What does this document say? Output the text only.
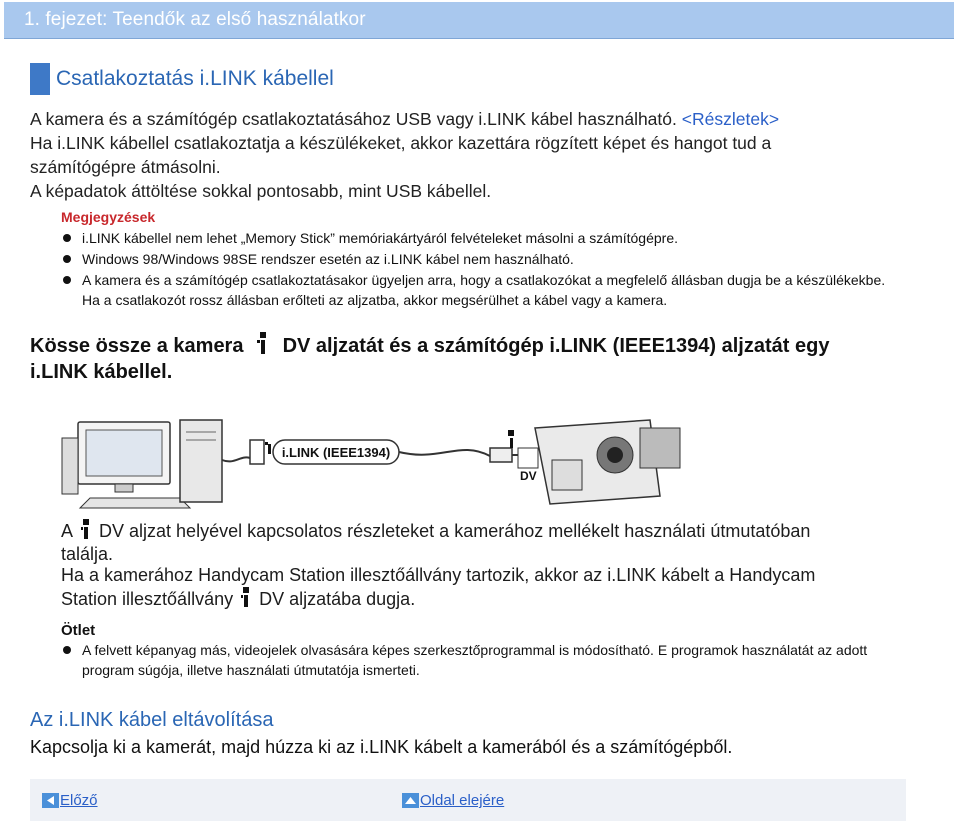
1. fejezet: Teendők az első használatkor
Csatlakoztatás i.LINK kábellel
A kamera és a számítógép csatlakoztatásához USB vagy i.LINK kábel használható. <Részletek>
Ha i.LINK kábellel csatlakoztatja a készülékeket, akkor kazettára rögzített képet és hangot tud a
számítógépre átmásolni.
A képadatok áttöltése sokkal pontosabb, mint USB kábellel.
Megjegyzések
i.LINK kábellel nem lehet „Memory Stick” memóriakártyáról felvételeket másolni a számítógépre.
Windows 98/Windows 98SE rendszer esetén az i.LINK kábel nem használható.
A kamera és a számítógép csatlakoztatásakor ügyeljen arra, hogy a csatlakozókat a megfelelő állásban dugja be a készülékekbe. Ha a csatlakozót rossz állásban erőlteti az aljzatba, akkor megsérülhet a kábel vagy a kamera.
Kösse össze a kamera DV aljzatát és a számítógép i.LINK (IEEE1394) aljzatát egy
i.LINK kábellel.
i.LINK (IEEE1394)
DV
A DV aljzat helyével kapcsolatos részleteket a kamerához mellékelt használati útmutatóban
találja.
Ha a kamerához Handycam Station illesztőállvány tartozik, akkor az i.LINK kábelt a Handycam
Station illesztőállvány DV aljzatába dugja.
Ötlet
A felvett képanyag más, videojelek olvasására képes szerkesztőprogrammal is módosítható. E programok használatát az adott program súgója, illetve használati útmutatója ismerteti.
Az i.LINK kábel eltávolítása
Kapcsolja ki a kamerát, majd húzza ki az i.LINK kábelt a kamerából és a számítógépből.
Előző	Oldal elejére
